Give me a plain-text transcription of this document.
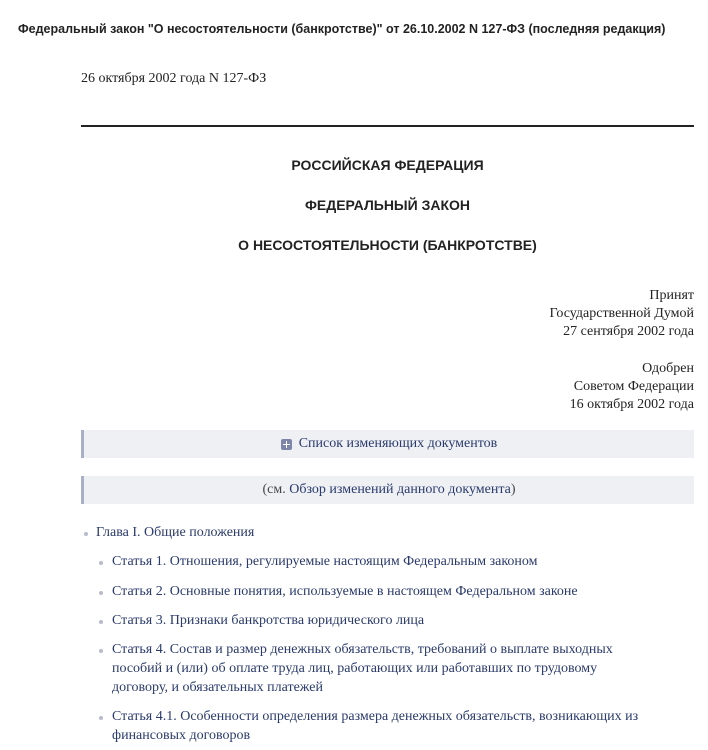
Федеральный закон "О несостоятельности (банкротстве)" от 26.10.2002 N 127-ФЗ (последняя редакция)
26 октября 2002 года N 127-ФЗ
РОССИЙСКАЯ ФЕДЕРАЦИЯ
ФЕДЕРАЛЬНЫЙ ЗАКОН
О НЕСОСТОЯТЕЛЬНОСТИ (БАНКРОТСТВЕ)
Принят
Государственной Думой
27 сентября 2002 года
Одобрен
Советом Федерации
16 октября 2002 года
Список изменяющих документов
(см.
Обзор изменений данного документа )
Глава I. Общие положения
Статья 1. Отношения, регулируемые настоящим Федеральным законом
Статья 2. Основные понятия, используемые в настоящем Федеральном законе
Статья 3. Признаки банкротства юридического лица
Статья 4. Состав и размер денежных обязательств, требований о выплате выходных
пособий и (или) об оплате труда лиц, работающих или работавших по трудовому
договору, и обязательных платежей
Статья 4.1. Особенности определения размера денежных обязательств, возникающих из
финансовых договоров
